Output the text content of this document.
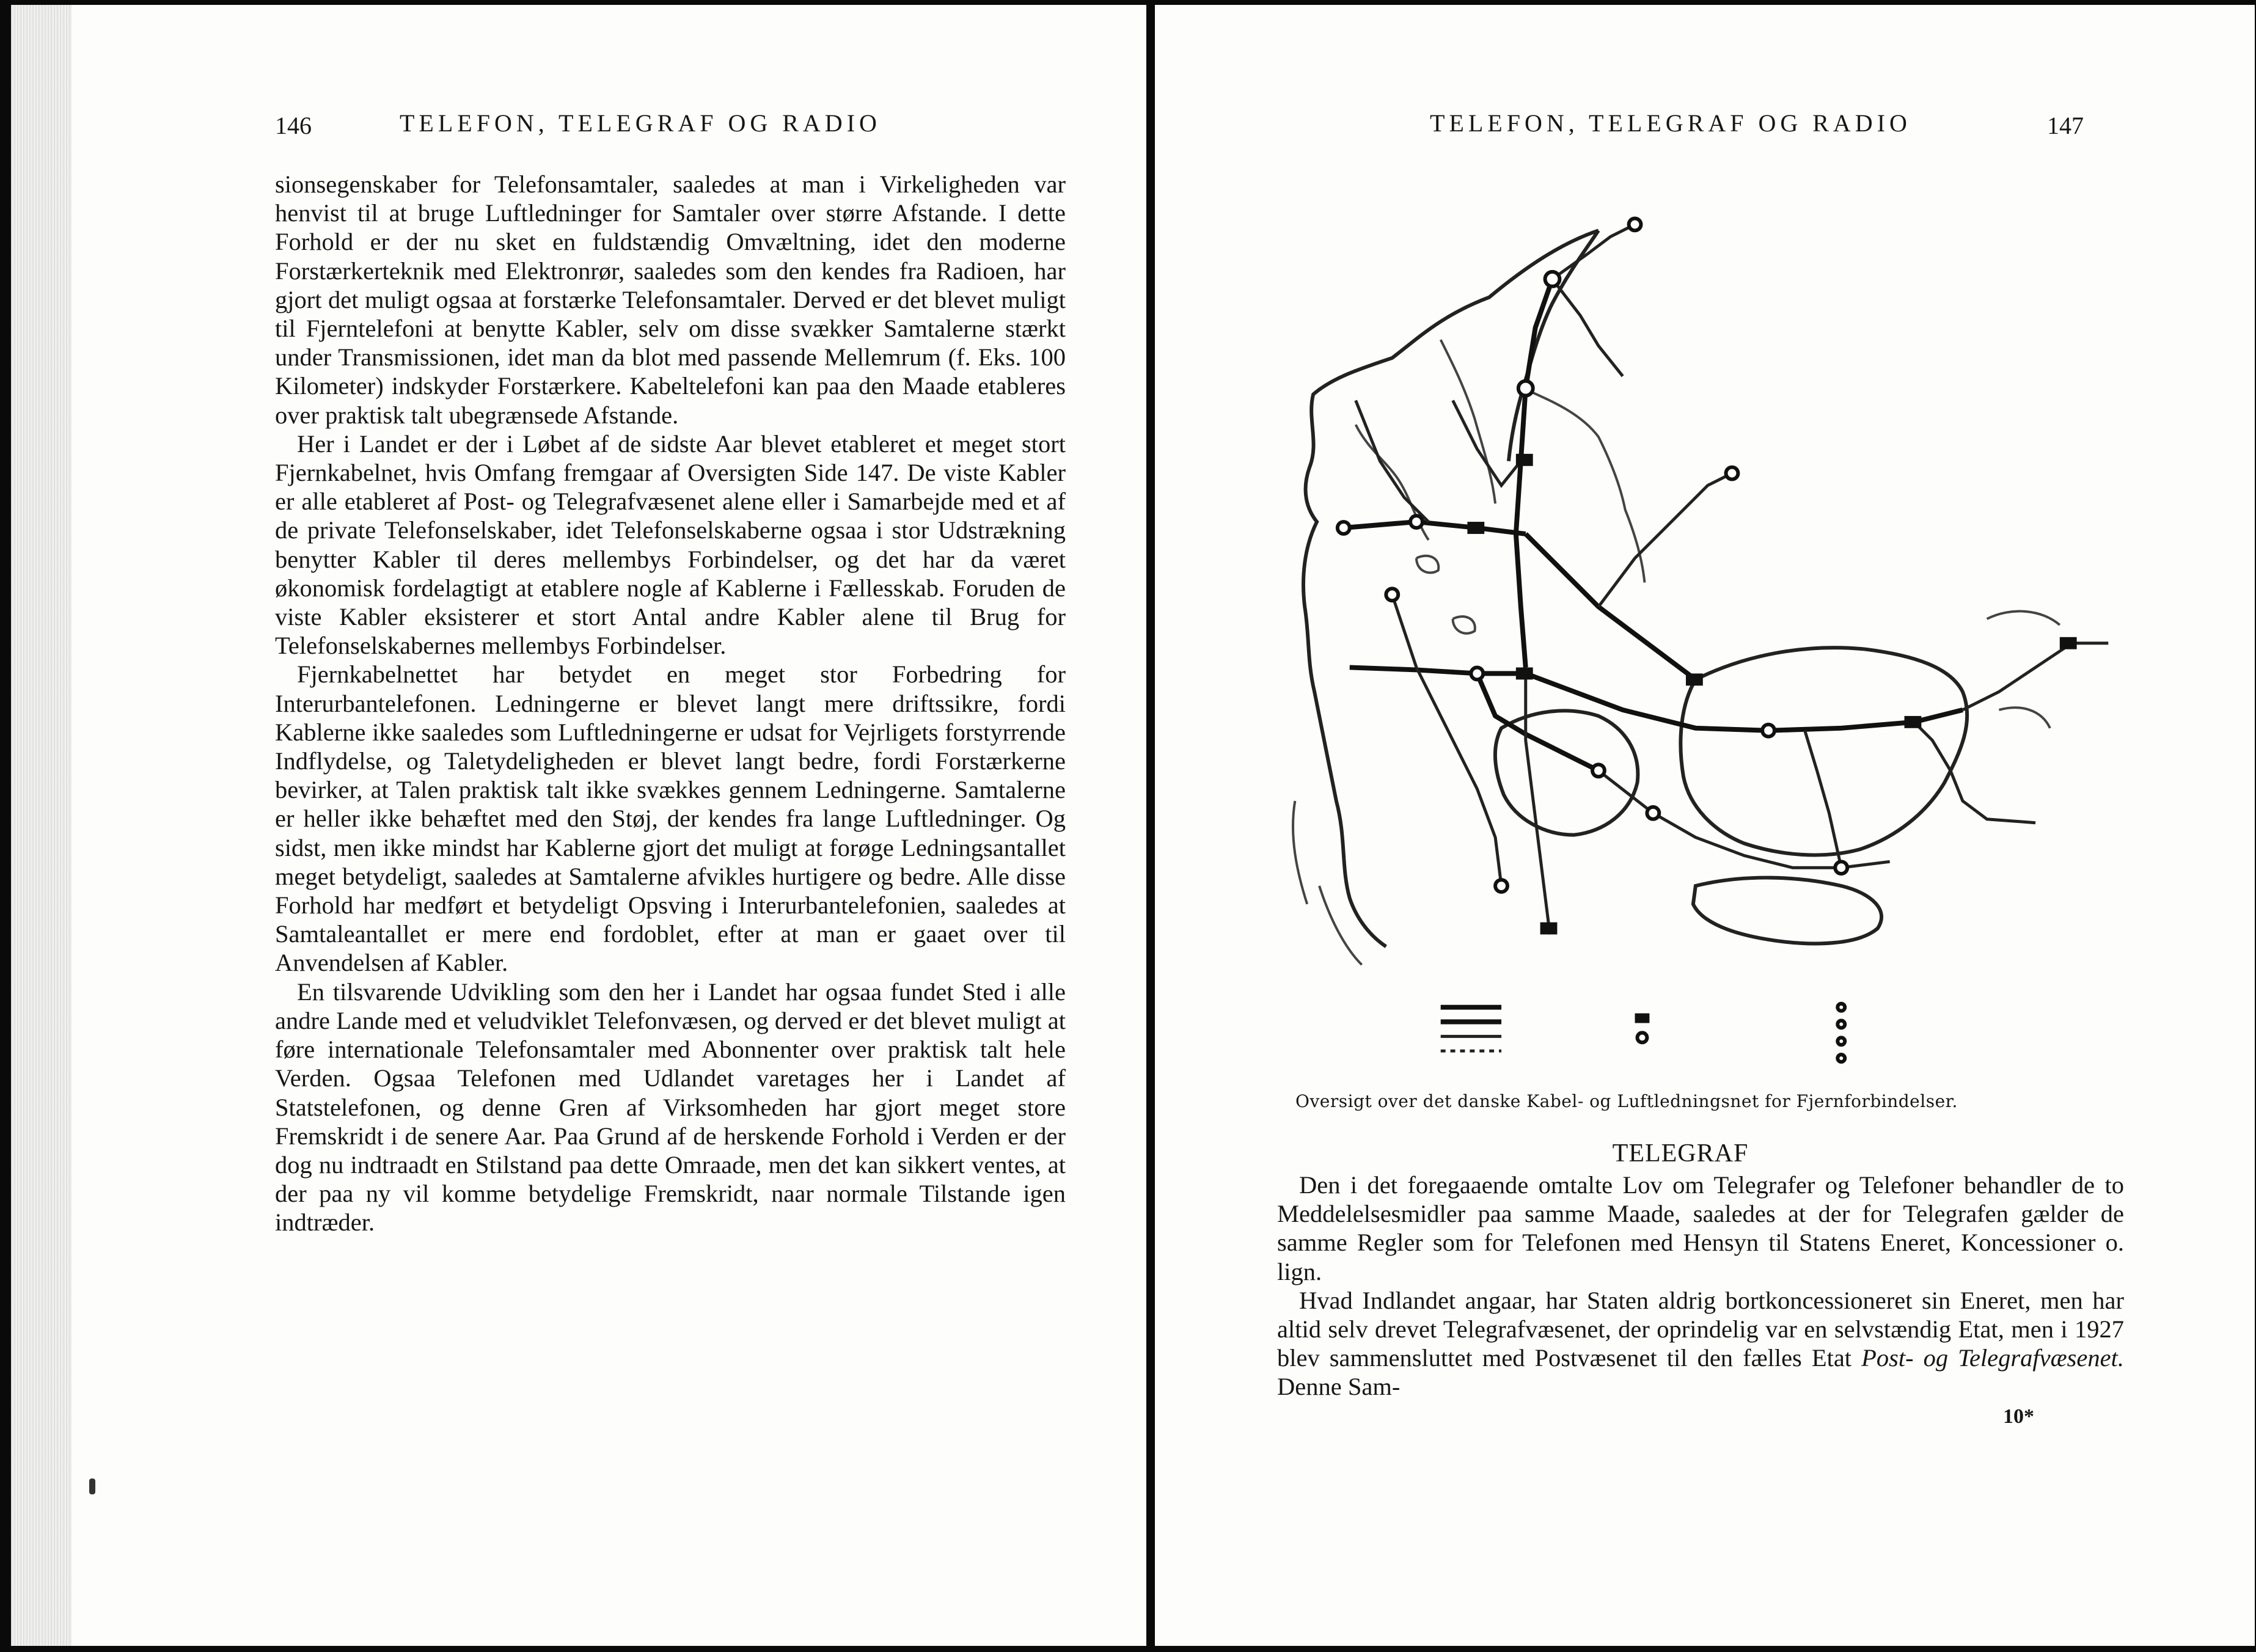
146	TELEFON, TELEGRAF OG RADIO

sionsegenskaber for Telefonsamtaler, saaledes at man i Virkeligheden var henvist til at bruge Luftledninger for Samtaler over større Afstande. I dette Forhold er der nu sket en fuldstændig Omvæltning, idet den moderne Forstærkerteknik med Elektronrør, saaledes som den kendes fra Radioen, har gjort det muligt ogsaa at forstærke Telefonsamtaler. Derved er det blevet muligt til Fjerntelefoni at benytte Kabler, selv om disse svækker Samtalerne stærkt under Transmissionen, idet man da blot med passende Mellemrum (f. Eks. 100 Kilometer) indskyder Forstærkere. Kabeltelefoni kan paa den Maade etableres over praktisk talt ubegrænsede Afstande.

Her i Landet er der i Løbet af de sidste Aar blevet etableret et meget stort Fjernkabelnet, hvis Omfang fremgaar af Oversigten Side 147. De viste Kabler er alle etableret af Post- og Telegrafvæsenet alene eller i Samarbejde med et af de private Telefonselskaber, idet Telefonselskaberne ogsaa i stor Udstrækning benytter Kabler til deres mellembys Forbindelser, og det har da været økonomisk fordelagtigt at etablere nogle af Kablerne i Fællesskab. Foruden de viste Kabler eksisterer et stort Antal andre Kabler alene til Brug for Telefonselskabernes mellembys Forbindelser.

Fjernkabelnettet har betydet en meget stor Forbedring for Interurbantelefonen. Ledningerne er blevet langt mere driftssikre, fordi Kablerne ikke saaledes som Luftledningerne er udsat for Vejrligets forstyrrende Indflydelse, og Taletydeligheden er blevet langt bedre, fordi Forstærkerne bevirker, at Talen praktisk talt ikke svækkes gennem Ledningerne. Samtalerne er heller ikke behæftet med den Støj, der kendes fra lange Luftledninger. Og sidst, men ikke mindst har Kablerne gjort det muligt at forøge Ledningsantallet meget betydeligt, saaledes at Samtalerne afvikles hurtigere og bedre. Alle disse Forhold har medført et betydeligt Opsving i Interurbantelefonien, saaledes at Samtaleantallet er mere end fordoblet, efter at man er gaaet over til Anvendelsen af Kabler.

En tilsvarende Udvikling som den her i Landet har ogsaa fundet Sted i alle andre Lande med et veludviklet Telefonvæsen, og derved er det blevet muligt at føre internationale Telefonsamtaler med Abonnenter over praktisk talt hele Verden. Ogsaa Telefonen med Udlandet varetages her i Landet af Statstelefonen, og denne Gren af Virksomheden har gjort meget store Fremskridt i de senere Aar. Paa Grund af de herskende Forhold i Verden er der dog nu indtraadt en Stilstand paa dette Omraade, men det kan sikkert ventes, at der paa ny vil komme betydelige Fremskridt, naar normale Tilstande igen indtræder.

TELEFON, TELEGRAF OG RADIO	147
Oversigt over det danske Kabel- og Luftledningsnet for Fjernforbindelser.
TELEGRAF

Den i det foregaaende omtalte Lov om Telegrafer og Telefoner behandler de to Meddelelsesmidler paa samme Maade, saaledes at der for Telegrafen gælder de samme Regler som for Telefonen med Hensyn til Statens Eneret, Koncessioner o. lign.

Hvad Indlandet angaar, har Staten aldrig bortkoncessioneret sin Eneret, men har altid selv drevet Telegrafvæsenet, der oprindelig var en selvstændig Etat, men i 1927 blev sammensluttet med Postvæsenet til den fælles Etat Post- og Telegrafvæsenet. Denne Sam-

10*
